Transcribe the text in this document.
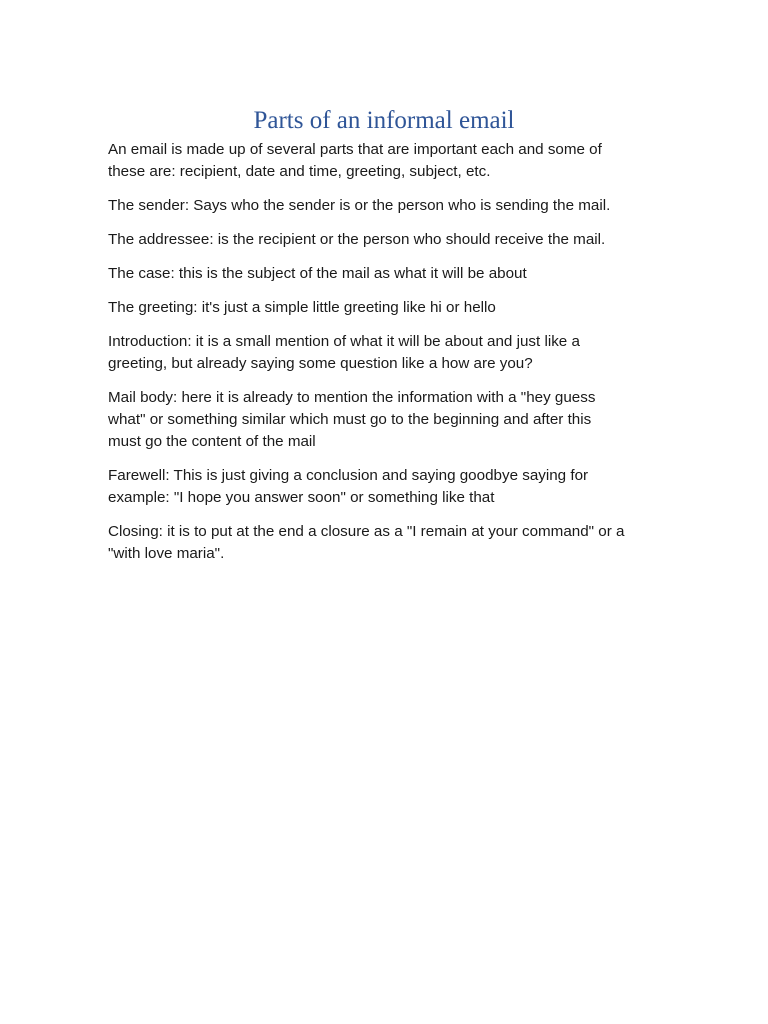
Parts of an informal email

An email is made up of several parts that are important each and some of
these are: recipient, date and time, greeting, subject, etc.

The sender: Says who the sender is or the person who is sending the mail.

The addressee: is the recipient or the person who should receive the mail.

The case: this is the subject of the mail as what it will be about

The greeting: it's just a simple little greeting like hi or hello

Introduction: it is a small mention of what it will be about and just like a
greeting, but already saying some question like a how are you?

Mail body: here it is already to mention the information with a "hey guess
what" or something similar which must go to the beginning and after this
must go the content of the mail

Farewell: This is just giving a conclusion and saying goodbye saying for
example: "I hope you answer soon" or something like that

Closing: it is to put at the end a closure as a "I remain at your command" or a
"with love maria".
